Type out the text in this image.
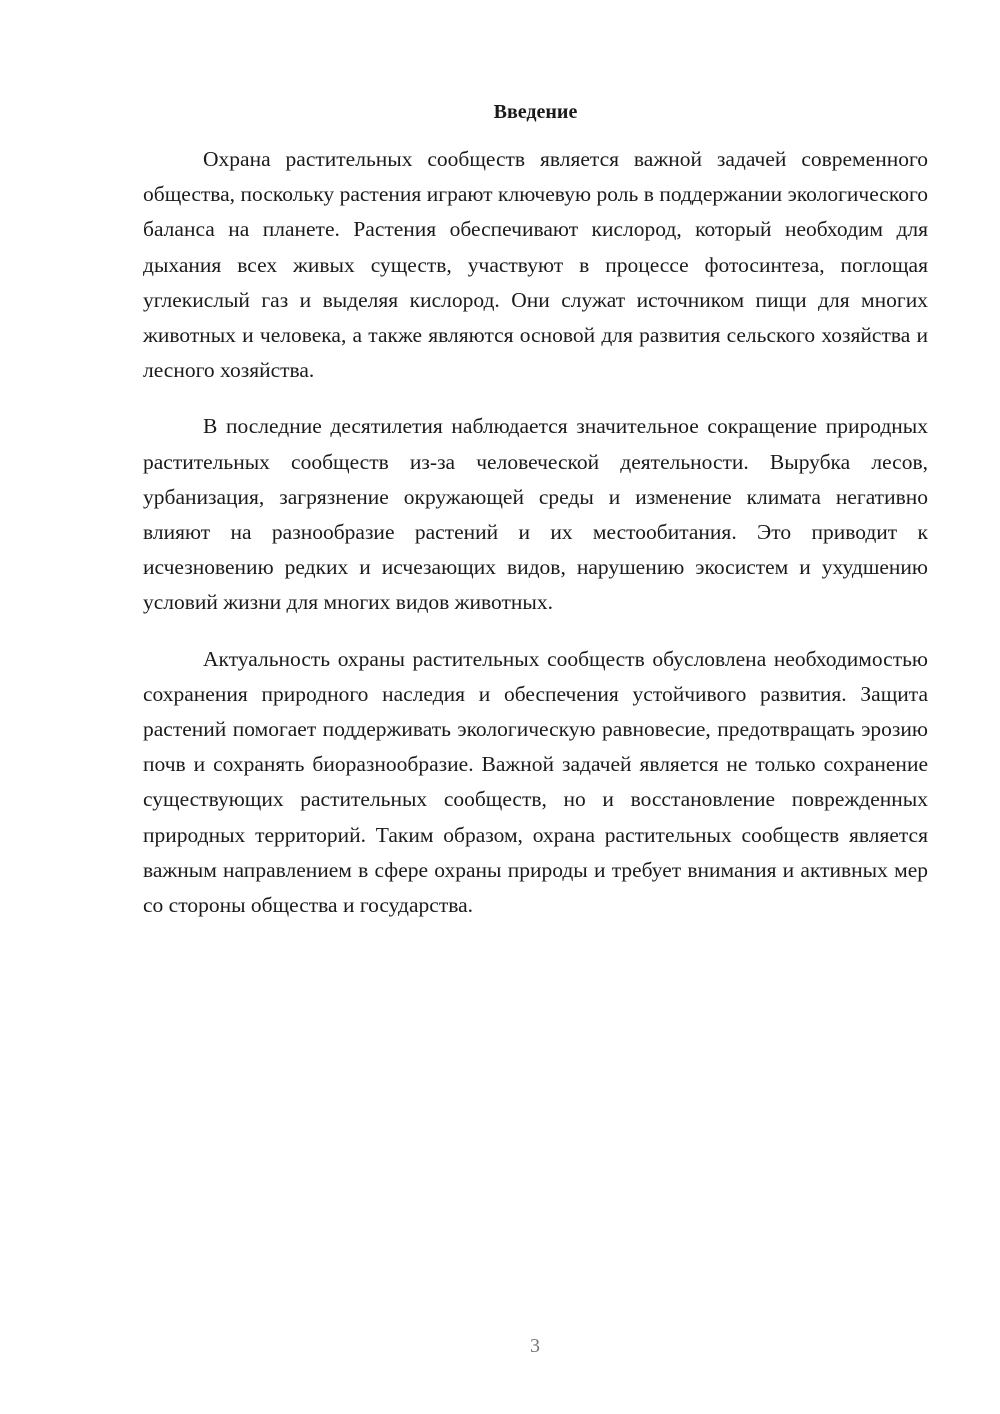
Введение

Охрана растительных сообществ является важной задачей современного общества, поскольку растения играют ключевую роль в поддержании экологического баланса на планете. Растения обеспечивают кислород, который необходим для дыхания всех живых существ, участвуют в процессе фотосинтеза, поглощая углекислый газ и выделяя кислород. Они служат источником пищи для многих животных и человека, а также являются основой для развития сельского хозяйства и лесного хозяйства.

В последние десятилетия наблюдается значительное сокращение природных растительных сообществ из-за человеческой деятельности. Вырубка лесов, урбанизация, загрязнение окружающей среды и изменение климата негативно влияют на разнообразие растений и их местообитания. Это приводит к исчезновению редких и исчезающих видов, нарушению экосистем и ухудшению условий жизни для многих видов животных.

Актуальность охраны растительных сообществ обусловлена необходимостью сохранения природного наследия и обеспечения устойчивого развития. Защита растений помогает поддерживать экологическую равновесие, предотвращать эрозию почв и сохранять биоразнообразие. Важной задачей является не только сохранение существующих растительных сообществ, но и восстановление поврежденных природных территорий. Таким образом, охрана растительных сообществ является важным направлением в сфере охраны природы и требует внимания и активных мер со стороны общества и государства.

3
